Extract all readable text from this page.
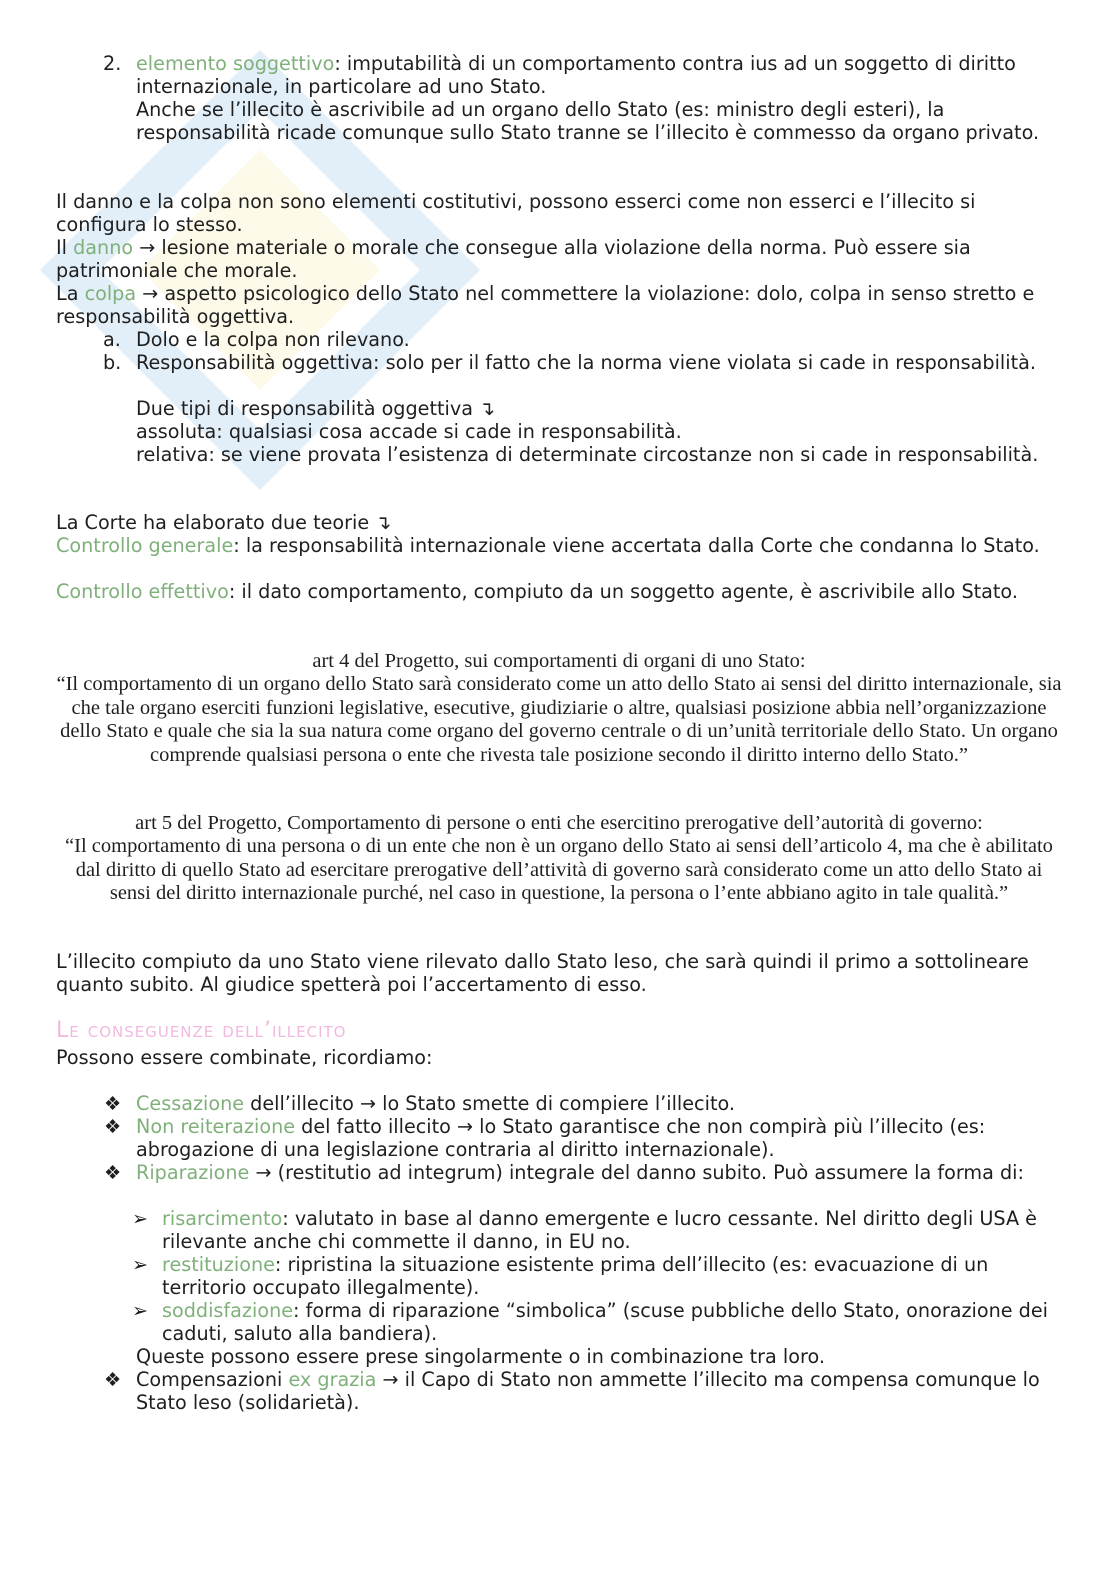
2. elemento soggettivo: imputabilità di un comportamento contra ius ad un soggetto di diritto internazionale, in particolare ad uno Stato.
Anche se l’illecito è ascrivibile ad un organo dello Stato (es: ministro degli esteri), la responsabilità ricade comunque sullo Stato tranne se l’illecito è commesso da organo privato.
Il danno e la colpa non sono elementi costitutivi, possono esserci come non esserci e l’illecito si configura lo stesso.
Il danno → lesione materiale o morale che consegue alla violazione della norma. Può essere sia patrimoniale che morale.
La colpa → aspetto psicologico dello Stato nel commettere la violazione: dolo, colpa in senso stretto e responsabilità oggettiva.
a. Dolo e la colpa non rilevano.
b. Responsabilità oggettiva: solo per il fatto che la norma viene violata si cade in responsabilità.
Due tipi di responsabilità oggettiva ↴
assoluta: qualsiasi cosa accade si cade in responsabilità.
relativa: se viene provata l’esistenza di determinate circostanze non si cade in responsabilità.
La Corte ha elaborato due teorie ↴
Controllo generale: la responsabilità internazionale viene accertata dalla Corte che condanna lo Stato.
Controllo effettivo: il dato comportamento, compiuto da un soggetto agente, è ascrivibile allo Stato.
art 4 del Progetto, sui comportamenti di organi di uno Stato:
“Il comportamento di un organo dello Stato sarà considerato come un atto dello Stato ai sensi del diritto internazionale, sia che tale organo eserciti funzioni legislative, esecutive, giudiziarie o altre, qualsiasi posizione abbia nell’organizzazione dello Stato e quale che sia la sua natura come organo del governo centrale o di un’unità territoriale dello Stato. Un organo comprende qualsiasi persona o ente che rivesta tale posizione secondo il diritto interno dello Stato.”
art 5 del Progetto, Comportamento di persone o enti che esercitino prerogative dell’autorità di governo:
“Il comportamento di una persona o di un ente che non è un organo dello Stato ai sensi dell’articolo 4, ma che è abilitato dal diritto di quello Stato ad esercitare prerogative dell’attività di governo sarà considerato come un atto dello Stato ai sensi del diritto internazionale purché, nel caso in questione, la persona o l’ente abbiano agito in tale qualità.”
L’illecito compiuto da uno Stato viene rilevato dallo Stato leso, che sarà quindi il primo a sottolineare quanto subito. Al giudice spetterà poi l’accertamento di esso.
Le conseguenze dell’illecito
Possono essere combinate, ricordiamo:
❖ Cessazione dell’illecito → lo Stato smette di compiere l’illecito.
❖ Non reiterazione del fatto illecito → lo Stato garantisce che non compirà più l’illecito (es: abrogazione di una legislazione contraria al diritto internazionale).
❖ Riparazione → (restitutio ad integrum) integrale del danno subito. Può assumere la forma di:
➢ risarcimento: valutato in base al danno emergente e lucro cessante. Nel diritto degli USA è rilevante anche chi commette il danno, in EU no.
➢ restituzione: ripristina la situazione esistente prima dell’illecito (es: evacuazione di un territorio occupato illegalmente).
➢ soddisfazione: forma di riparazione “simbolica” (scuse pubbliche dello Stato, onorazione dei caduti, saluto alla bandiera).
Queste possono essere prese singolarmente o in combinazione tra loro.
❖ Compensazioni ex grazia → il Capo di Stato non ammette l’illecito ma compensa comunque lo Stato leso (solidarietà).
